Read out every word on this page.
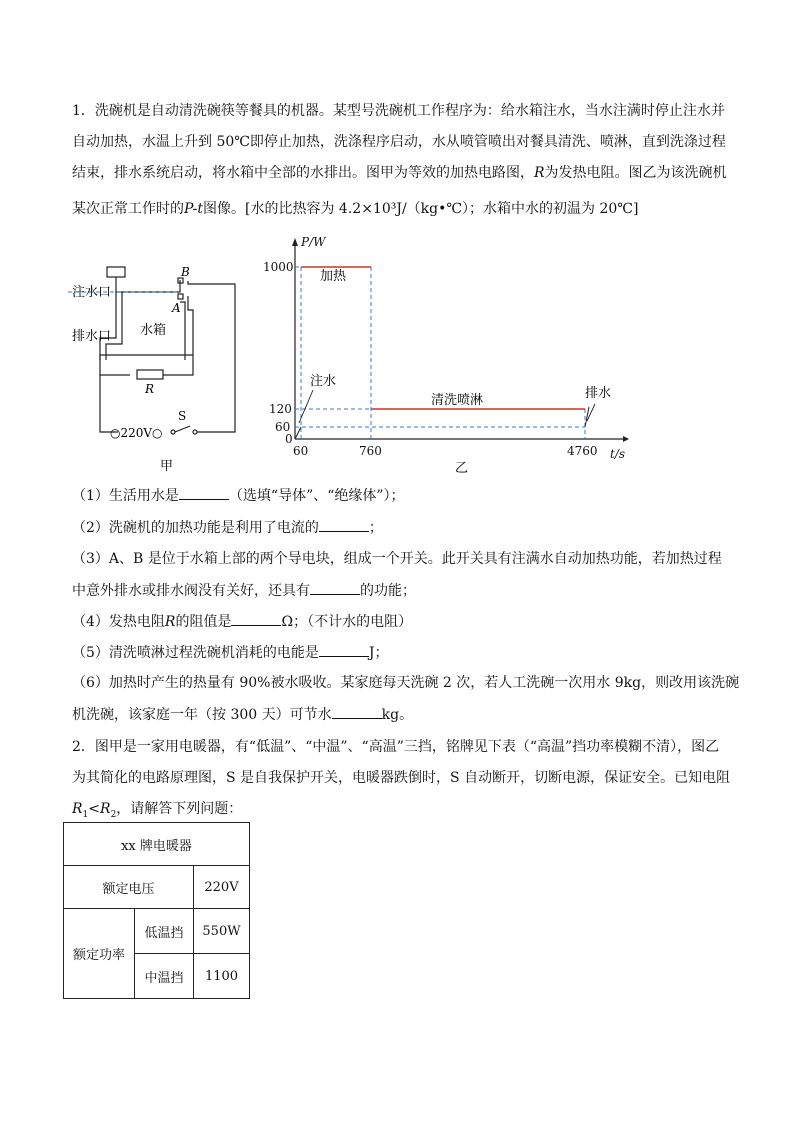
1．洗碗机是自动清洗碗筷等餐具的机器。某型号洗碗机工作程序为：给水箱注水，当水注满时停止注水并
自动加热，水温上升到 50℃即停止加热，洗涤程序启动，水从喷管喷出对餐具清洗、喷淋，直到洗涤过程
结束，排水系统启动，将水箱中全部的水排出。图甲为等效的加热电路图，R为发热电阻。图乙为该洗碗机
某次正常工作时的P-t图像。[水的比热容为 4.2×10³J/（kg•℃）；水箱中水的初温为 20℃]
B
A
注水口
排水口 水箱
R
○220V○
S
甲
P/W
t/s
1000
120
60
0
60	760	4760
加热
注水
清洗喷淋	排水
乙
（1）生活用水是	（选填“导体”、“绝缘体”）；
（2）洗碗机的加热功能是利用了电流的	；
（3）A、B 是位于水箱上部的两个导电块，组成一个开关。此开关具有注满水自动加热功能，若加热过程
中意外排水或排水阀没有关好，还具有	的功能；
（4）发热电阻R的阻值是	Ω；（不计水的电阻）
（5）清洗喷淋过程洗碗机消耗的电能是	J；
（6）加热时产生的热量有 90%被水吸收。某家庭每天洗碗 2 次，若人工洗碗一次用水 9kg，则改用该洗碗
机洗碗，该家庭一年（按 300 天）可节水	kg。
2．图甲是一家用电暖器，有“低温”、“中温”、“高温”三挡，铭牌见下表（“高温”挡功率模糊不清），图乙
为其简化的电路原理图，S 是自我保护开关，电暖器跌倒时，S 自动断开，切断电源，保证安全。已知电阻
$R_1<R_2$，请解答下列问题：
xx 牌电暖器		
额定电压		220V
额定功率	低温挡	550W
	中温挡	1100
